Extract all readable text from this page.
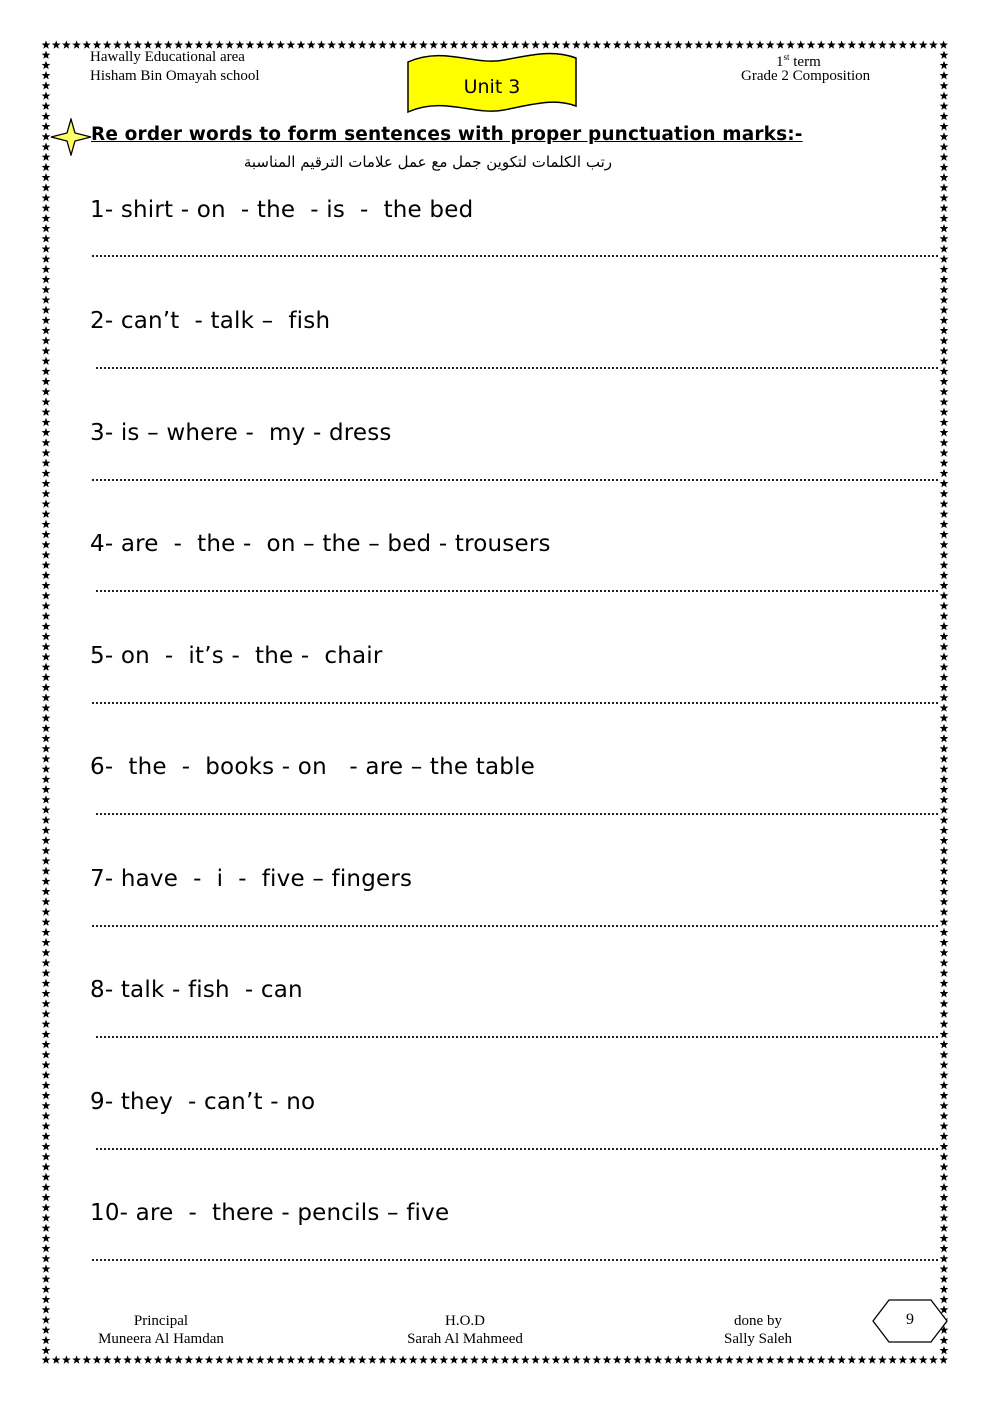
Hawally Educational area
Hisham Bin Omayah school
1st term
Grade 2 Composition
Unit 3
Re order words to form sentences with proper punctuation marks:-
رتب الكلمات لتكوين جمل مع عمل علامات الترقيم المناسبة
1- shirt - on  - the  - is  -  the bed
2- can’t  - talk –  fish
3- is – where -  my - dress
4- are  -  the -  on – the – bed - trousers
5- on  -  it’s -  the -  chair
6-  the  -  books - on   - are – the table
7- have  -  i  -  five – fingers
8- talk - fish  - can
9- they  - can’t - no
10- are  -  there - pencils – five
Principal
Muneera Al Hamdan
H.O.D
Sarah Al Mahmeed
done by
Sally Saleh
9
